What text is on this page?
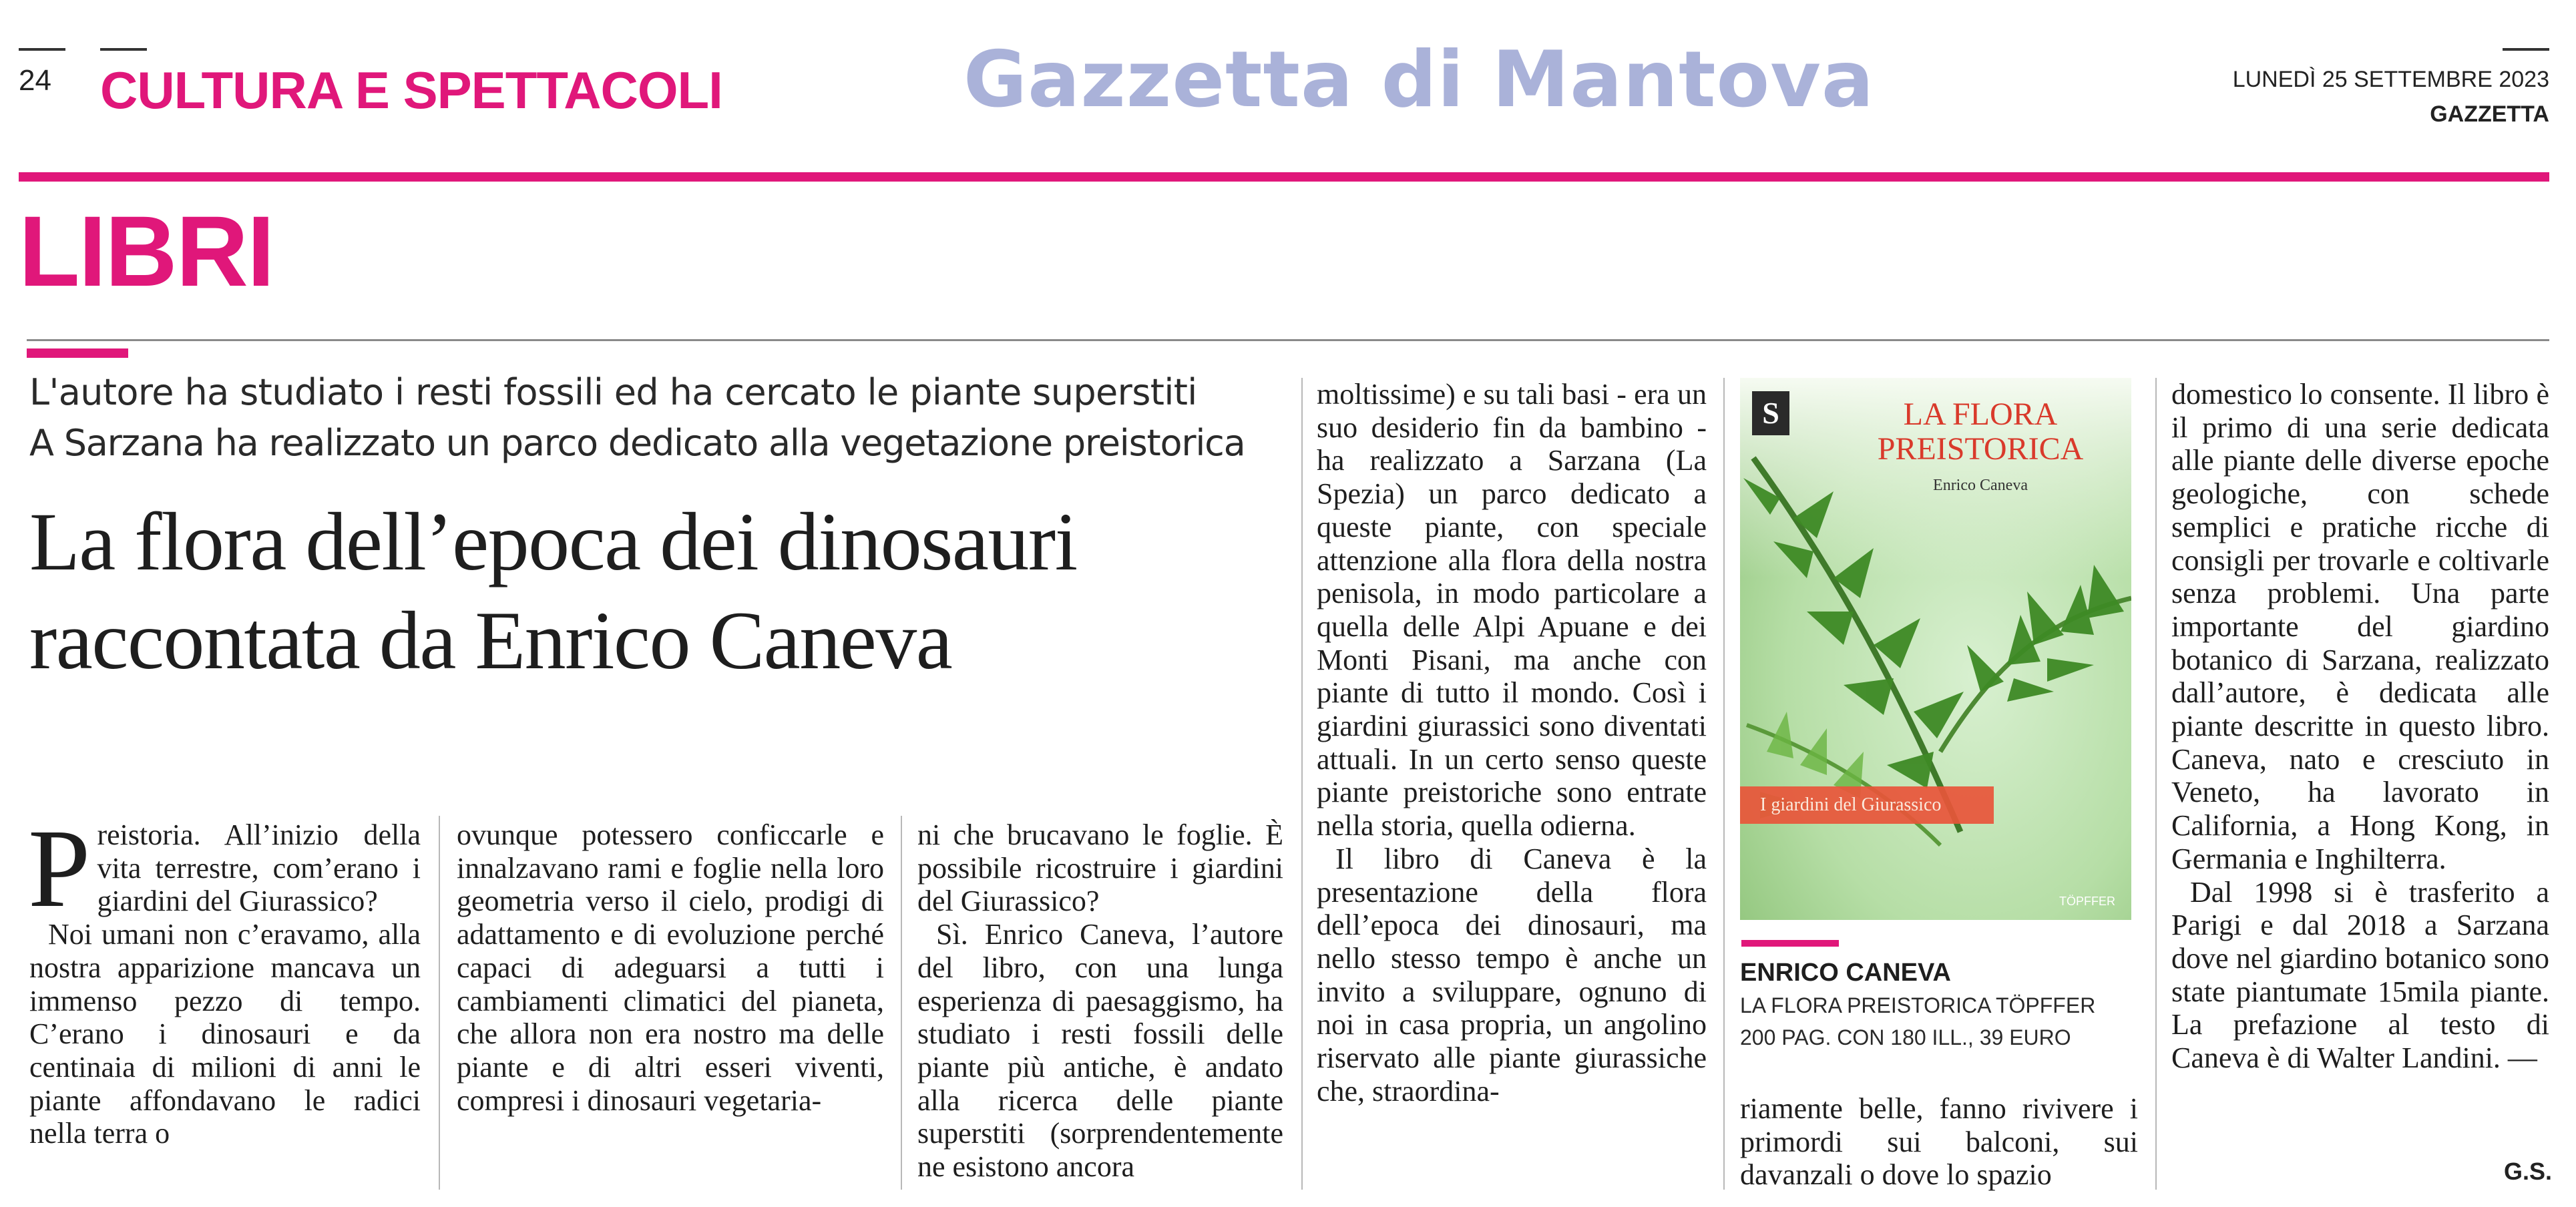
24 CULTURA E SPETTACOLI	Gazzetta di Mantova	LUNEDÌ 25 SETTEMBRE 2023
GAZZETTA
LIBRI
L'autore ha studiato i resti fossili ed ha cercato le piante superstiti
A Sarzana ha realizzato un parco dedicato alla vegetazione preistorica
La flora dell’epoca dei dinosauri
raccontata da Enrico Caneva

Preistoria. All’inizio della vita terrestre, com’erano i giardini del Giurassico?

Noi umani non c’eravamo, alla nostra apparizione mancava un immenso pezzo di tempo. C’erano i dinosauri e da centinaia di milioni di anni le piante affondavano le radici nella terra o

ovunque potessero conficcarle e innalzavano rami e foglie nella loro geometria verso il cielo, prodigi di adattamento e di evoluzione perché capaci di adeguarsi a tutti i cambiamenti climatici del pianeta, che allora non era nostro ma delle piante e di altri esseri viventi, compresi i dinosauri vegetaria-

ni che brucavano le foglie. È possibile ricostruire i giardini del Giurassico?

Sì. Enrico Caneva, l’autore del libro, con una lunga esperienza di paesaggismo, ha studiato i resti fossili delle piante più antiche, è andato alla ricerca delle piante superstiti (sorprendentemente ne esistono ancora

moltissime) e su tali basi - era un suo desiderio fin da bambino - ha realizzato a Sarzana (La Spezia) un parco dedicato a queste piante, con speciale attenzione alla flora della nostra penisola, in modo particolare a quella delle Alpi Apuane e dei Monti Pisani, ma anche con piante di tutto il mondo. Così i giardini giurassici sono diventati attuali. In un certo senso queste piante preistoriche sono entrate nella storia, quella odierna.

Il libro di Caneva è la presentazione della flora dell’epoca dei dinosauri, ma nello stesso tempo è anche un invito a sviluppare, ognuno di noi in casa propria, un angolino riservato alle piante giurassiche che, straordina-

S	LA FLORA
PREISTORICA
Enrico Caneva
I giardini del Giurassico
TÖPFFER
ENRICO CANEVA
LA FLORA PREISTORICA TÖPFFER
200 PAG. CON 180 ILL., 39 EURO

riamente belle, fanno rivivere i primordi sui balconi, sui davanzali o dove lo spazio

domestico lo consente. Il libro è il primo di una serie dedicata alle piante delle diverse epoche geologiche, con schede semplici e pratiche ricche di consigli per trovarle e coltivarle senza problemi. Una parte importante del giardino botanico di Sarzana, realizzato dall’autore, è dedicata alle piante descritte in questo libro. Caneva, nato e cresciuto in Veneto, ha lavorato in California, a Hong Kong, in Germania e Inghilterra.

Dal 1998 si è trasferito a Parigi e dal 2018 a Sarzana dove nel giardino botanico sono state piantumate 15mila piante. La prefazione al testo di Caneva è di Walter Landini. —

G.S.
